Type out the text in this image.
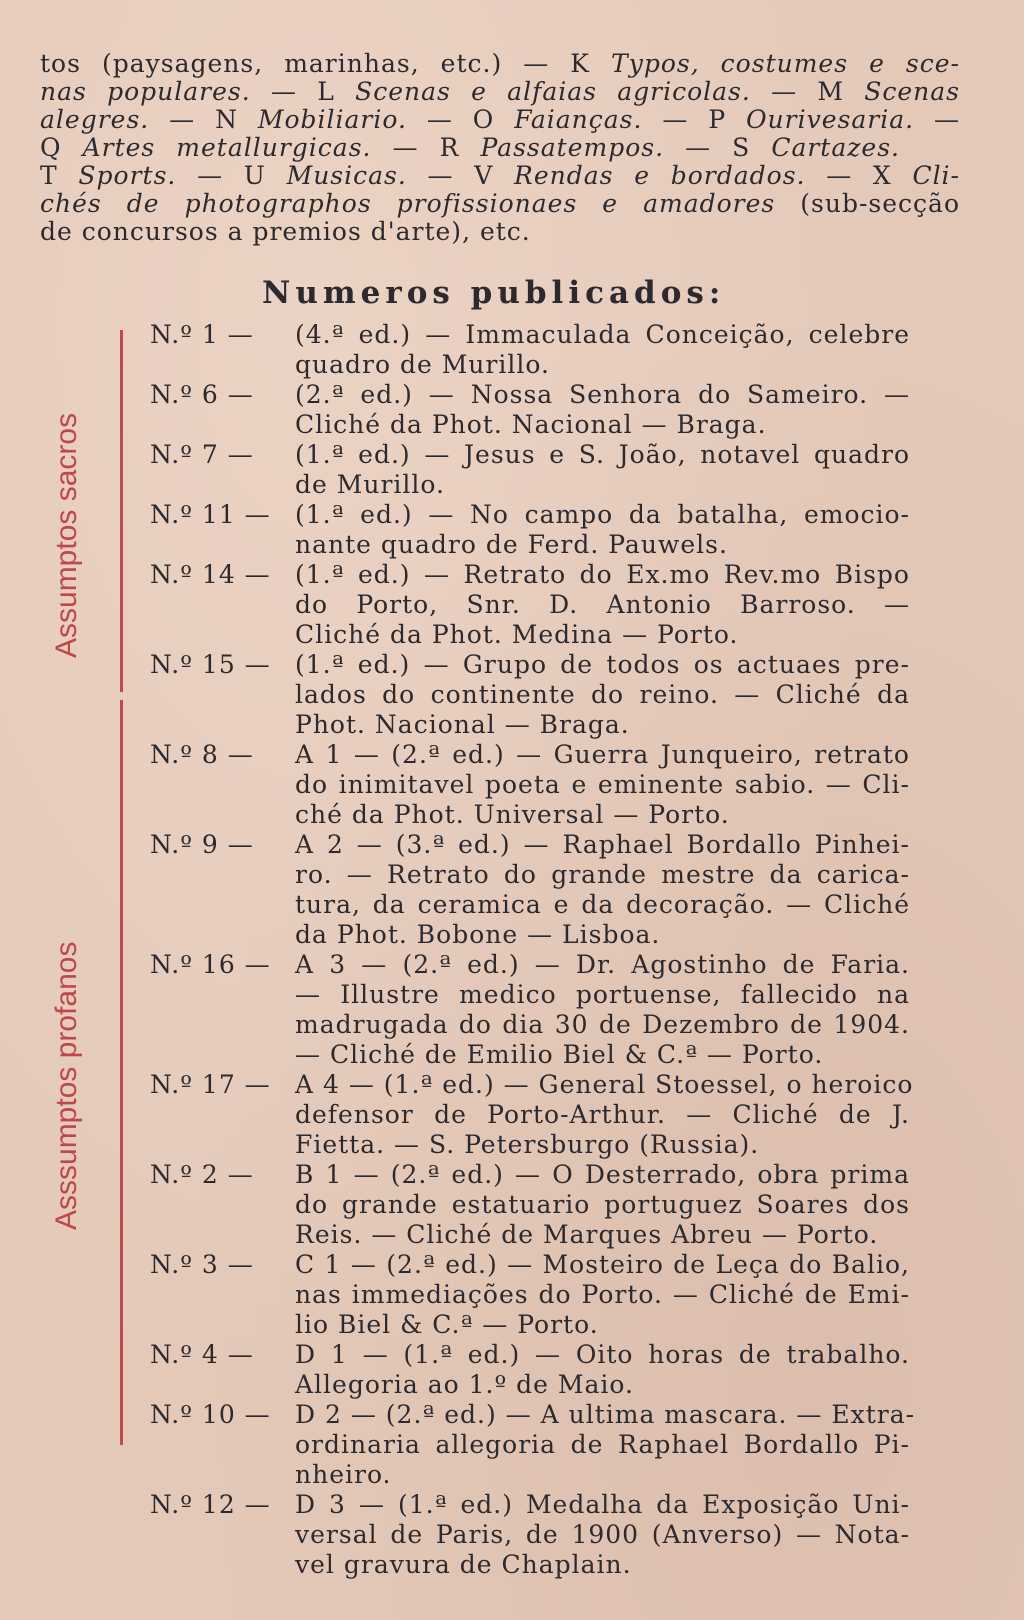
tos (paysagens, marinhas, etc.) — K Typos, costumes e sce-
nas populares. — L Scenas e alfaias agricolas. — M Scenas
alegres. — N Mobiliario. — O Faianças. — P Ourivesaria. —
Q Artes metallurgicas. — R Passatempos. — S Cartazes.
T Sports. — U Musicas. — V Rendas e bordados. — X Cli-
chés de photographos profissionaes e amadores (sub-secção
de concursos a premios d'arte), etc.
Numeros publicados:
Assumptos sacros
Asssumptos profanos
N.º 1 —	(4.ª ed.) — Immaculada Conceição, celebre
quadro de Murillo.
N.º 6 —	(2.ª ed.) — Nossa Senhora do Sameiro. —
Cliché da Phot. Nacional — Braga.
N.º 7 —	(1.ª ed.) — Jesus e S. João, notavel quadro
de Murillo.
N.º 11 — (1.ª ed.) — No campo da batalha, emocio-
nante quadro de Ferd. Pauwels.
N.º 14 — (1.ª ed.) — Retrato do Ex.mo Rev.mo Bispo
do Porto, Snr. D. Antonio Barroso. —
Cliché da Phot. Medina — Porto.
N.º 15 — (1.ª ed.) — Grupo de todos os actuaes pre-
lados do continente do reino. — Cliché da
Phot. Nacional — Braga.
N.º 8 —	A 1 — (2.ª ed.) — Guerra Junqueiro, retrato
do inimitavel poeta e eminente sabio. — Cli-
ché da Phot. Universal — Porto.
N.º 9 —	A 2 — (3.ª ed.) — Raphael Bordallo Pinhei-
ro. — Retrato do grande mestre da carica-
tura, da ceramica e da decoração. — Cliché
da Phot. Bobone — Lisboa.
N.º 16 — A 3 — (2.ª ed.) — Dr. Agostinho de Faria.
— Illustre medico portuense, fallecido na
madrugada do dia 30 de Dezembro de 1904.
— Cliché de Emilio Biel & C.ª — Porto.
N.º 17 — A 4 — (1.ª ed.) — General Stoessel, o heroico
defensor de Porto-Arthur. — Cliché de J.
Fietta. — S. Petersburgo (Russia).
N.º 2 —	B 1 — (2.ª ed.) — O Desterrado, obra prima
do grande estatuario portuguez Soares dos
Reis. — Cliché de Marques Abreu — Porto.
N.º 3 —	C 1 — (2.ª ed.) — Mosteiro de Leça do Balio,
nas immediações do Porto. — Cliché de Emi-
lio Biel & C.ª — Porto.
N.º 4 —	D 1 — (1.ª ed.) — Oito horas de trabalho.
Allegoria ao 1.º de Maio.
N.º 10 — D 2 — (2.ª ed.) — A ultima mascara. — Extra-
ordinaria allegoria de Raphael Bordallo Pi-
nheiro.
N.º 12 — D 3 — (1.ª ed.) Medalha da Exposição Uni-
versal de Paris, de 1900 (Anverso) — Nota-
vel gravura de Chaplain.
